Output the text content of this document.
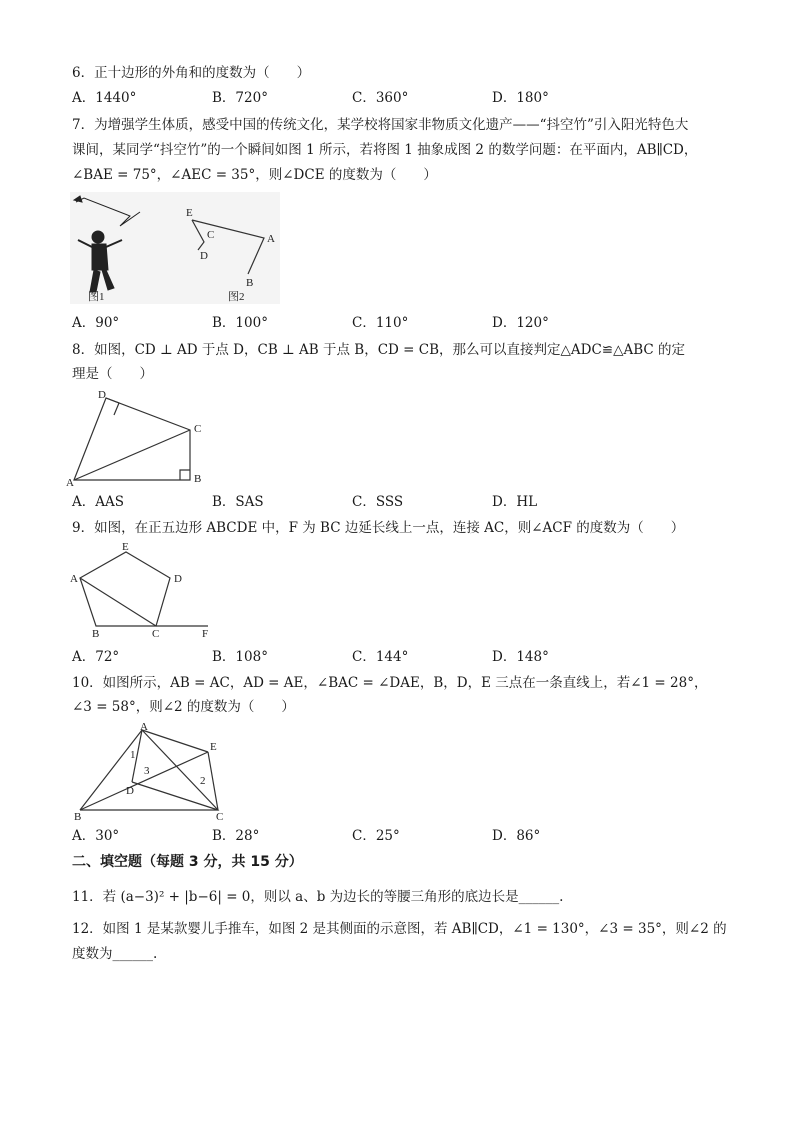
6．正十边形的外角和的度数为（　　）
A．1440°	B．720°	C．360°	D．180°
7．为增强学生体质，感受中国的传统文化，某学校将国家非物质文化遗产——“抖空竹”引入阳光特色大
课间，某同学“抖空竹”的一个瞬间如图 1 所示，若将图 1 抽象成图 2 的数学问题：在平面内，AB∥CD，
∠BAE = 75°，∠AEC = 35°，则∠DCE 的度数为（　　）
图1
E
C
D
A
B
图2
A．90°	B．100°	C．110°	D．120°
8．如图，CD ⊥ AD 于点 D，CB ⊥ AB 于点 B，CD = CB，那么可以直接判定△ADC≌△ABC 的定
理是（　　）
D
C
A	B
A．AAS	B．SAS	C．SSS	D．HL
9．如图，在正五边形 ABCDE 中，F 为 BC 边延长线上一点，连接 AC，则∠ACF 的度数为（　　）
E
A	D
B	C	F
A．72°	B．108°	C．144°	D．148°
10．如图所示，AB = AC，AD = AE，∠BAC = ∠DAE，B，D，E 三点在一条直线上，若∠1 = 28°，
∠3 = 58°，则∠2 的度数为（　　）
A
E
D
B	C
1
3
2
A．30°	B．28°	C．25°	D．86°
二、填空题（每题 3 分，共 15 分）
11．若 (a−3)² + |b−6| = 0，则以 a、b 为边长的等腰三角形的底边长是______.
12．如图 1 是某款婴儿手推车，如图 2 是其侧面的示意图，若 AB∥CD，∠1 = 130°，∠3 = 35°，则∠2 的
度数为______.
